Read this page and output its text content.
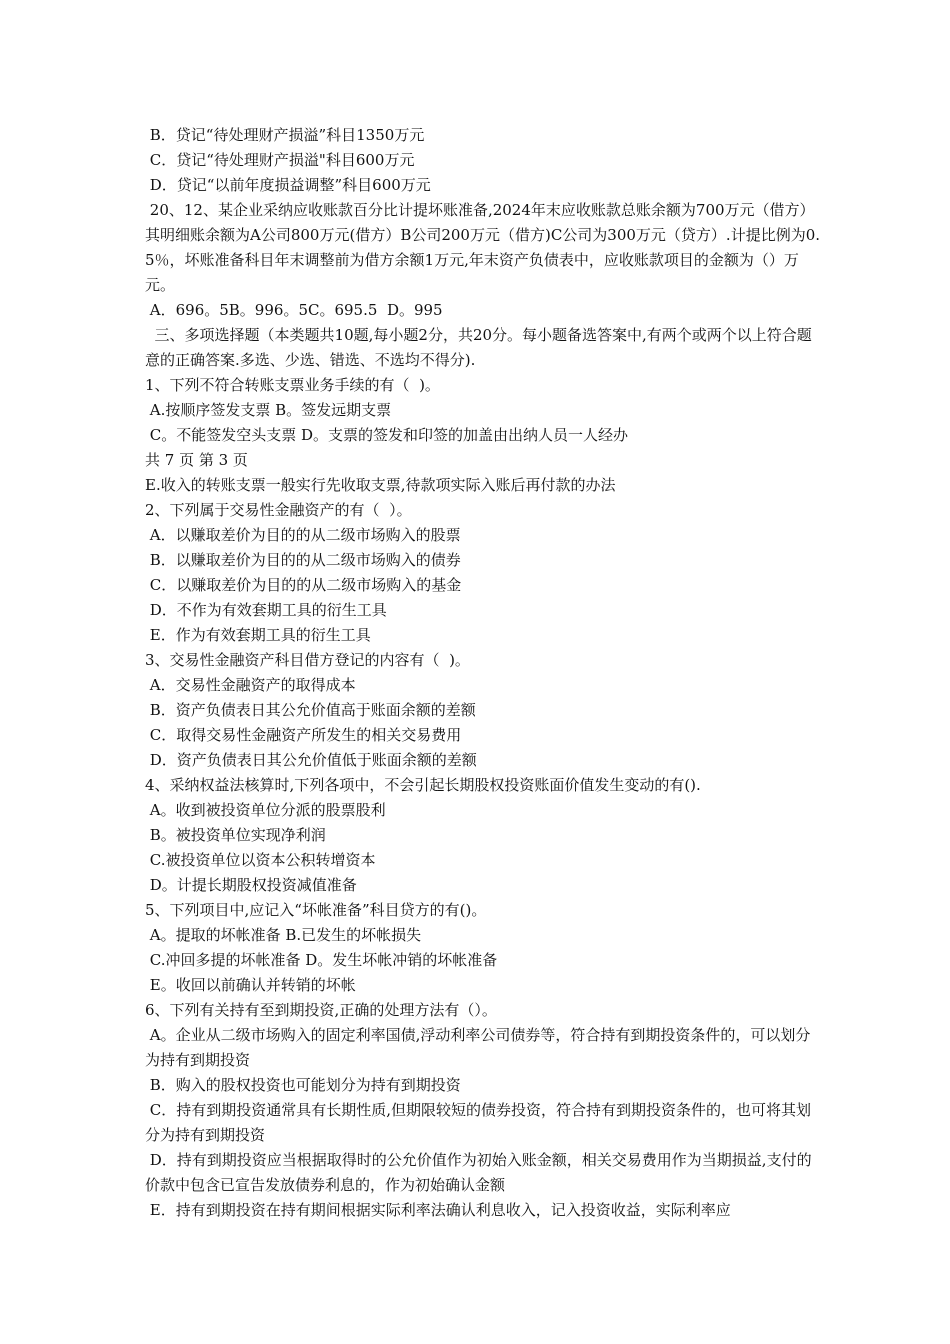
B．贷记“待处理财产损溢”科目1350万元
C．贷记“待处理财产损溢"科目600万元
D．贷记“以前年度损益调整”科目600万元
20、12、某企业采纳应收账款百分比计提坏账准备,2024年末应收账款总账余额为700万元（借方）其明细账余额为A公司800万元(借方）B公司200万元（借方)C公司为300万元（贷方）.计提比例为0.5％，坏账准备科目年末调整前为借方余额1万元,年末资产负债表中，应收账款项目的金额为（）万元。
A．696。5B。996。5C。695.5  D。995
三、多项选择题（本类题共10题,每小题2分，共20分。每小题备选答案中,有两个或两个以上符合题意的正确答案.多选、少选、错选、不选均不得分).
1、下列不符合转账支票业务手续的有（  )。
A.按顺序签发支票 B。签发远期支票
C。不能签发空头支票 D。支票的签发和印签的加盖由出纳人员一人经办
共 7 页 第 3 页
E.收入的转账支票一般实行先收取支票,待款项实际入账后再付款的办法
2、下列属于交易性金融资产的有（  ）。
A．以赚取差价为目的的从二级市场购入的股票
B．以赚取差价为目的的从二级市场购入的债券
C．以赚取差价为目的的从二级市场购入的基金
D．不作为有效套期工具的衍生工具
E．作为有效套期工具的衍生工具
3、交易性金融资产科目借方登记的内容有（  )。
A．交易性金融资产的取得成本
B．资产负债表日其公允价值高于账面余额的差额
C．取得交易性金融资产所发生的相关交易费用
D．资产负债表日其公允价值低于账面余额的差额
4、采纳权益法核算时,下列各项中，不会引起长期股权投资账面价值发生变动的有().
A。收到被投资单位分派的股票股利
B。被投资单位实现净利润
C.被投资单位以资本公积转增资本
D。计提长期股权投资减值准备
5、下列项目中,应记入“坏帐准备”科目贷方的有()。
A。提取的坏帐准备 B.已发生的坏帐损失
C.冲回多提的坏帐准备 D。发生坏帐冲销的坏帐准备
E。收回以前确认并转销的坏帐
6、下列有关持有至到期投资,正确的处理方法有（）。
A。企业从二级市场购入的固定利率国债,浮动利率公司债券等，符合持有到期投资条件的，可以划分为持有到期投资
B．购入的股权投资也可能划分为持有到期投资
C．持有到期投资通常具有长期性质,但期限较短的债券投资，符合持有到期投资条件的，也可将其划分为持有到期投资
D．持有到期投资应当根据取得时的公允价值作为初始入账金额，相关交易费用作为当期损益,支付的价款中包含已宣告发放债券利息的，作为初始确认金额
E．持有到期投资在持有期间根据实际利率法确认利息收入，记入投资收益，实际利率应
